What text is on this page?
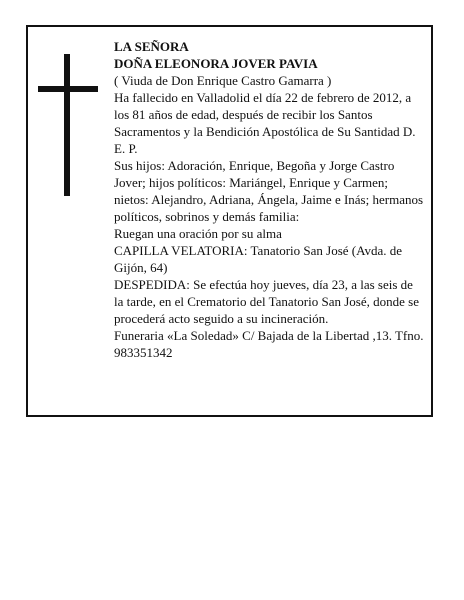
LA SEÑORA

DOÑA ELEONORA JOVER PAVIA

( Viuda de Don Enrique Castro Gamarra )

Ha fallecido en Valladolid el día 22 de febrero de 2012, a los 81 años de edad, después de recibir los Santos Sacramentos y la Bendición Apostólica de Su Santidad D. E. P.

Sus hijos: Adoración, Enrique, Begoña y Jorge Castro Jover; hijos políticos: Mariángel, Enrique y Carmen; nietos: Alejandro, Adriana, Ángela, Jaime e Inás; hermanos políticos, sobrinos y demás familia:

Ruegan una oración por su alma

CAPILLA VELATORIA: Tanatorio San José (Avda. de Gijón, 64)

DESPEDIDA: Se efectúa hoy jueves, día 23, a las seis de la tarde, en el Crematorio del Tanatorio San José, donde se procederá acto seguido a su incineración.

Funeraria «La Soledad» C/ Bajada de la Libertad ,13. Tfno. 983351342
